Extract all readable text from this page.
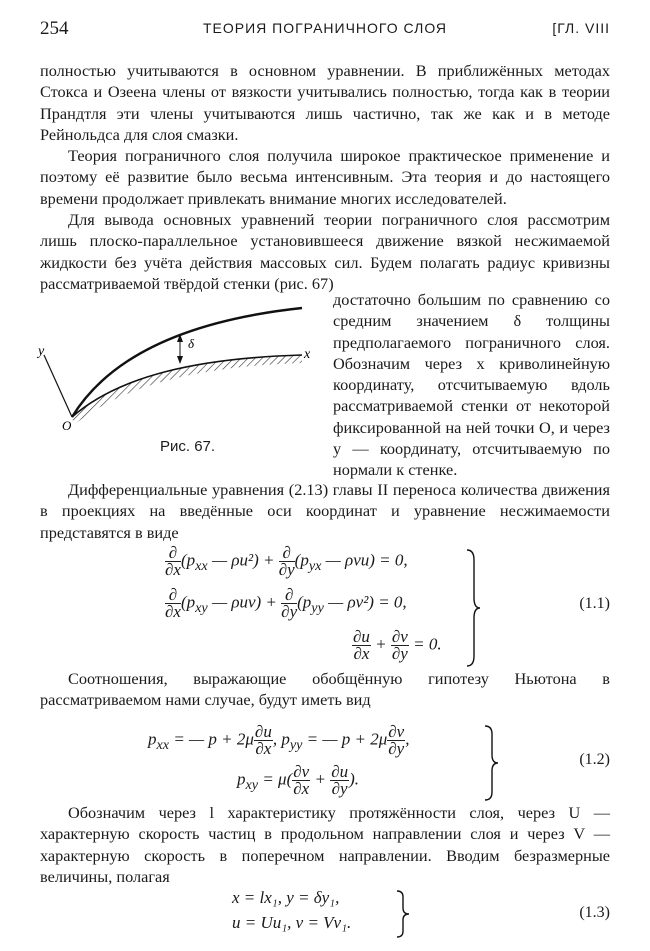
254	ТЕОРИЯ ПОГРАНИЧНОГО СЛОЯ	[ГЛ. VIII

полностью учитываются в основном уравнении. В приближённых методах Стокса и Озеена члены от вязкости учитывались полностью, тогда как в теории Прандтля эти члены учитываются лишь частично, так же как и в методе Рейнольдса для слоя смазки.

Теория пограничного слоя получила широкое практическое применение и поэтому её развитие было весьма интенсивным. Эта теория и до настоящего времени продолжает привлекать внимание многих исследователей.

Для вывода основных уравнений теории пограничного слоя рассмотрим лишь плоско-параллельное установившееся движение вязкой несжимаемой жидкости без учёта действия массовых сил. Будем полагать радиус кривизны рассматриваемой твёрдой стенки (рис. 67)

y	x
O
δ
Рис. 67.

достаточно большим по сравнению со средним значением δ толщины предполагаемого пограничного слоя. Обозначим через x криволинейную координату, отсчитываемую вдоль рассматриваемой стенки от некоторой фиксированной на ней точки O, и через y — координату, отсчитываемую по нормали к стенке.

Дифференциальные уравнения (2.13) главы II переноса количества движения в проекциях на введённые оси координат и уравнение несжимаемости представятся в виде

$\frac{\partial}{\partial x} (p_{xx}$ — $\rho u^2) + \frac{\partial}{\partial y} (p_{yx}$ — ρvu) = 0,
$\frac{\partial}{\partial x} (p_{xy}$ — $\rho uv) + \frac{\partial}{\partial y} (p_{yy}$ — ρv²) = 0,
$\frac{\partial u}{\partial x} + \frac{\partial v}{\partial y} = 0$.
(1.1)

Соотношения, выражающие обобщённую гипотезу Ньютона в рассматриваемом нами случае, будут иметь вид

$p_{xx}$ = — $p + 2\mu \frac{\partial u}{\partial x}$ , $p_{yy}$ = — $p + 2\mu \frac{\partial v}{\partial y}$ ,
$p_{xy} = \mu( \frac{\partial v}{\partial x} + \frac{\partial u}{\partial y}$ ).
(1.2)

Обозначим через l характеристику протяжённости слоя, через U — характерную скорость частиц в продольном направлении слоя и через V — характерную скорость в поперечном направлении. Вводим безразмерные величины, полагая

x = lx₁, y = δy₁,
u = Uu₁, v = Vv₁.
(1.3)
